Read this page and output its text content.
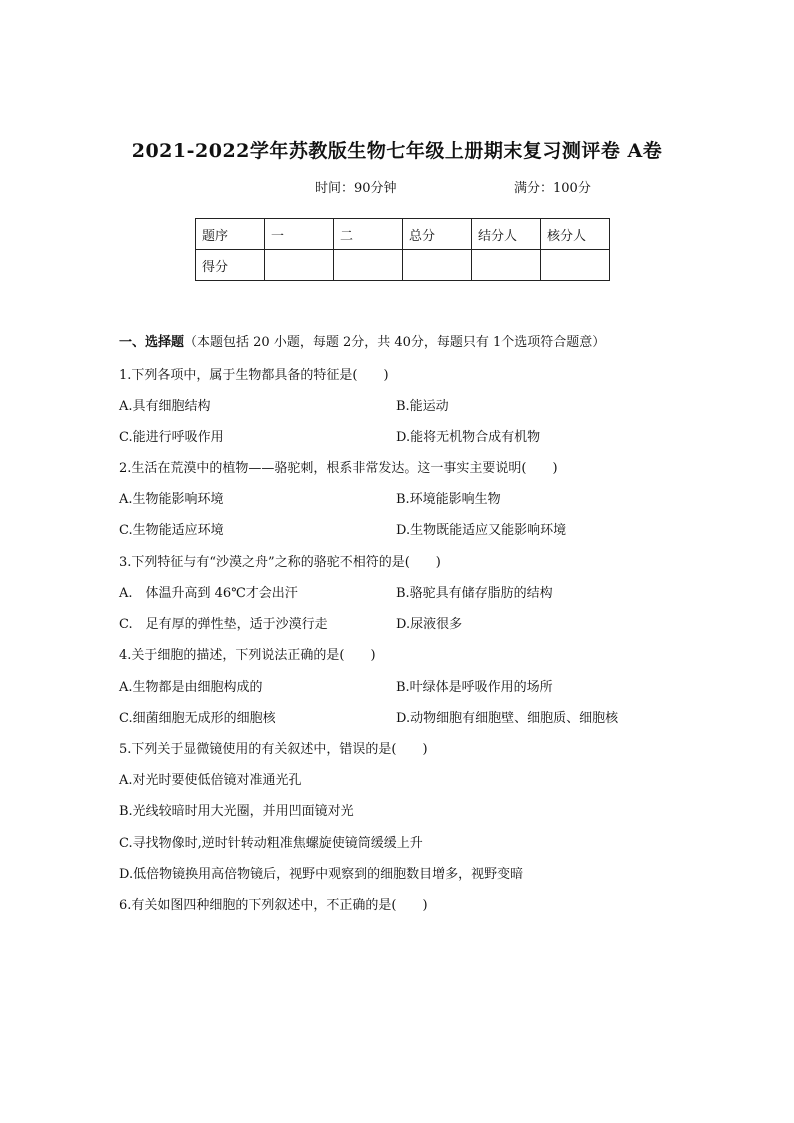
2021-2022学年苏教版生物七年级上册期末复习测评卷 A卷
时间：90分钟	满分：100分
题序	一	二	总分	结分人	核分人
得分					
一、选择题（本题包括 20 小题，每题 2分，共 40分，每题只有 1个选项符合题意）
1.下列各项中，属于生物都具备的特征是(　　)
A.具有细胞结构	B.能运动
C.能进行呼吸作用	D.能将无机物合成有机物
2.生活在荒漠中的植物——骆驼刺，根系非常发达。这一事实主要说明(　　)
A.生物能影响环境	B.环境能影响生物
C.生物能适应环境	D.生物既能适应又能影响环境
3.下列特征与有“沙漠之舟”之称的骆驼不相符的是(　　)
A.　体温升高到 46℃才会出汗	B.骆驼具有储存脂肪的结构
C.　足有厚的弹性垫，适于沙漠行走	D.尿液很多
4.关于细胞的描述，下列说法正确的是(　　)
A.生物都是由细胞构成的	B.叶绿体是呼吸作用的场所
C.细菌细胞无成形的细胞核	D.动物细胞有细胞壁、细胞质、细胞核
5.下列关于显微镜使用的有关叙述中，错误的是(　　)
A.对光时要使低倍镜对准通光孔
B.光线较暗时用大光圈，并用凹面镜对光
C.寻找物像时,逆时针转动粗准焦螺旋使镜筒缓缓上升
D.低倍物镜换用高倍物镜后，视野中观察到的细胞数目增多，视野变暗
6.有关如图四种细胞的下列叙述中，不正确的是(　　)
